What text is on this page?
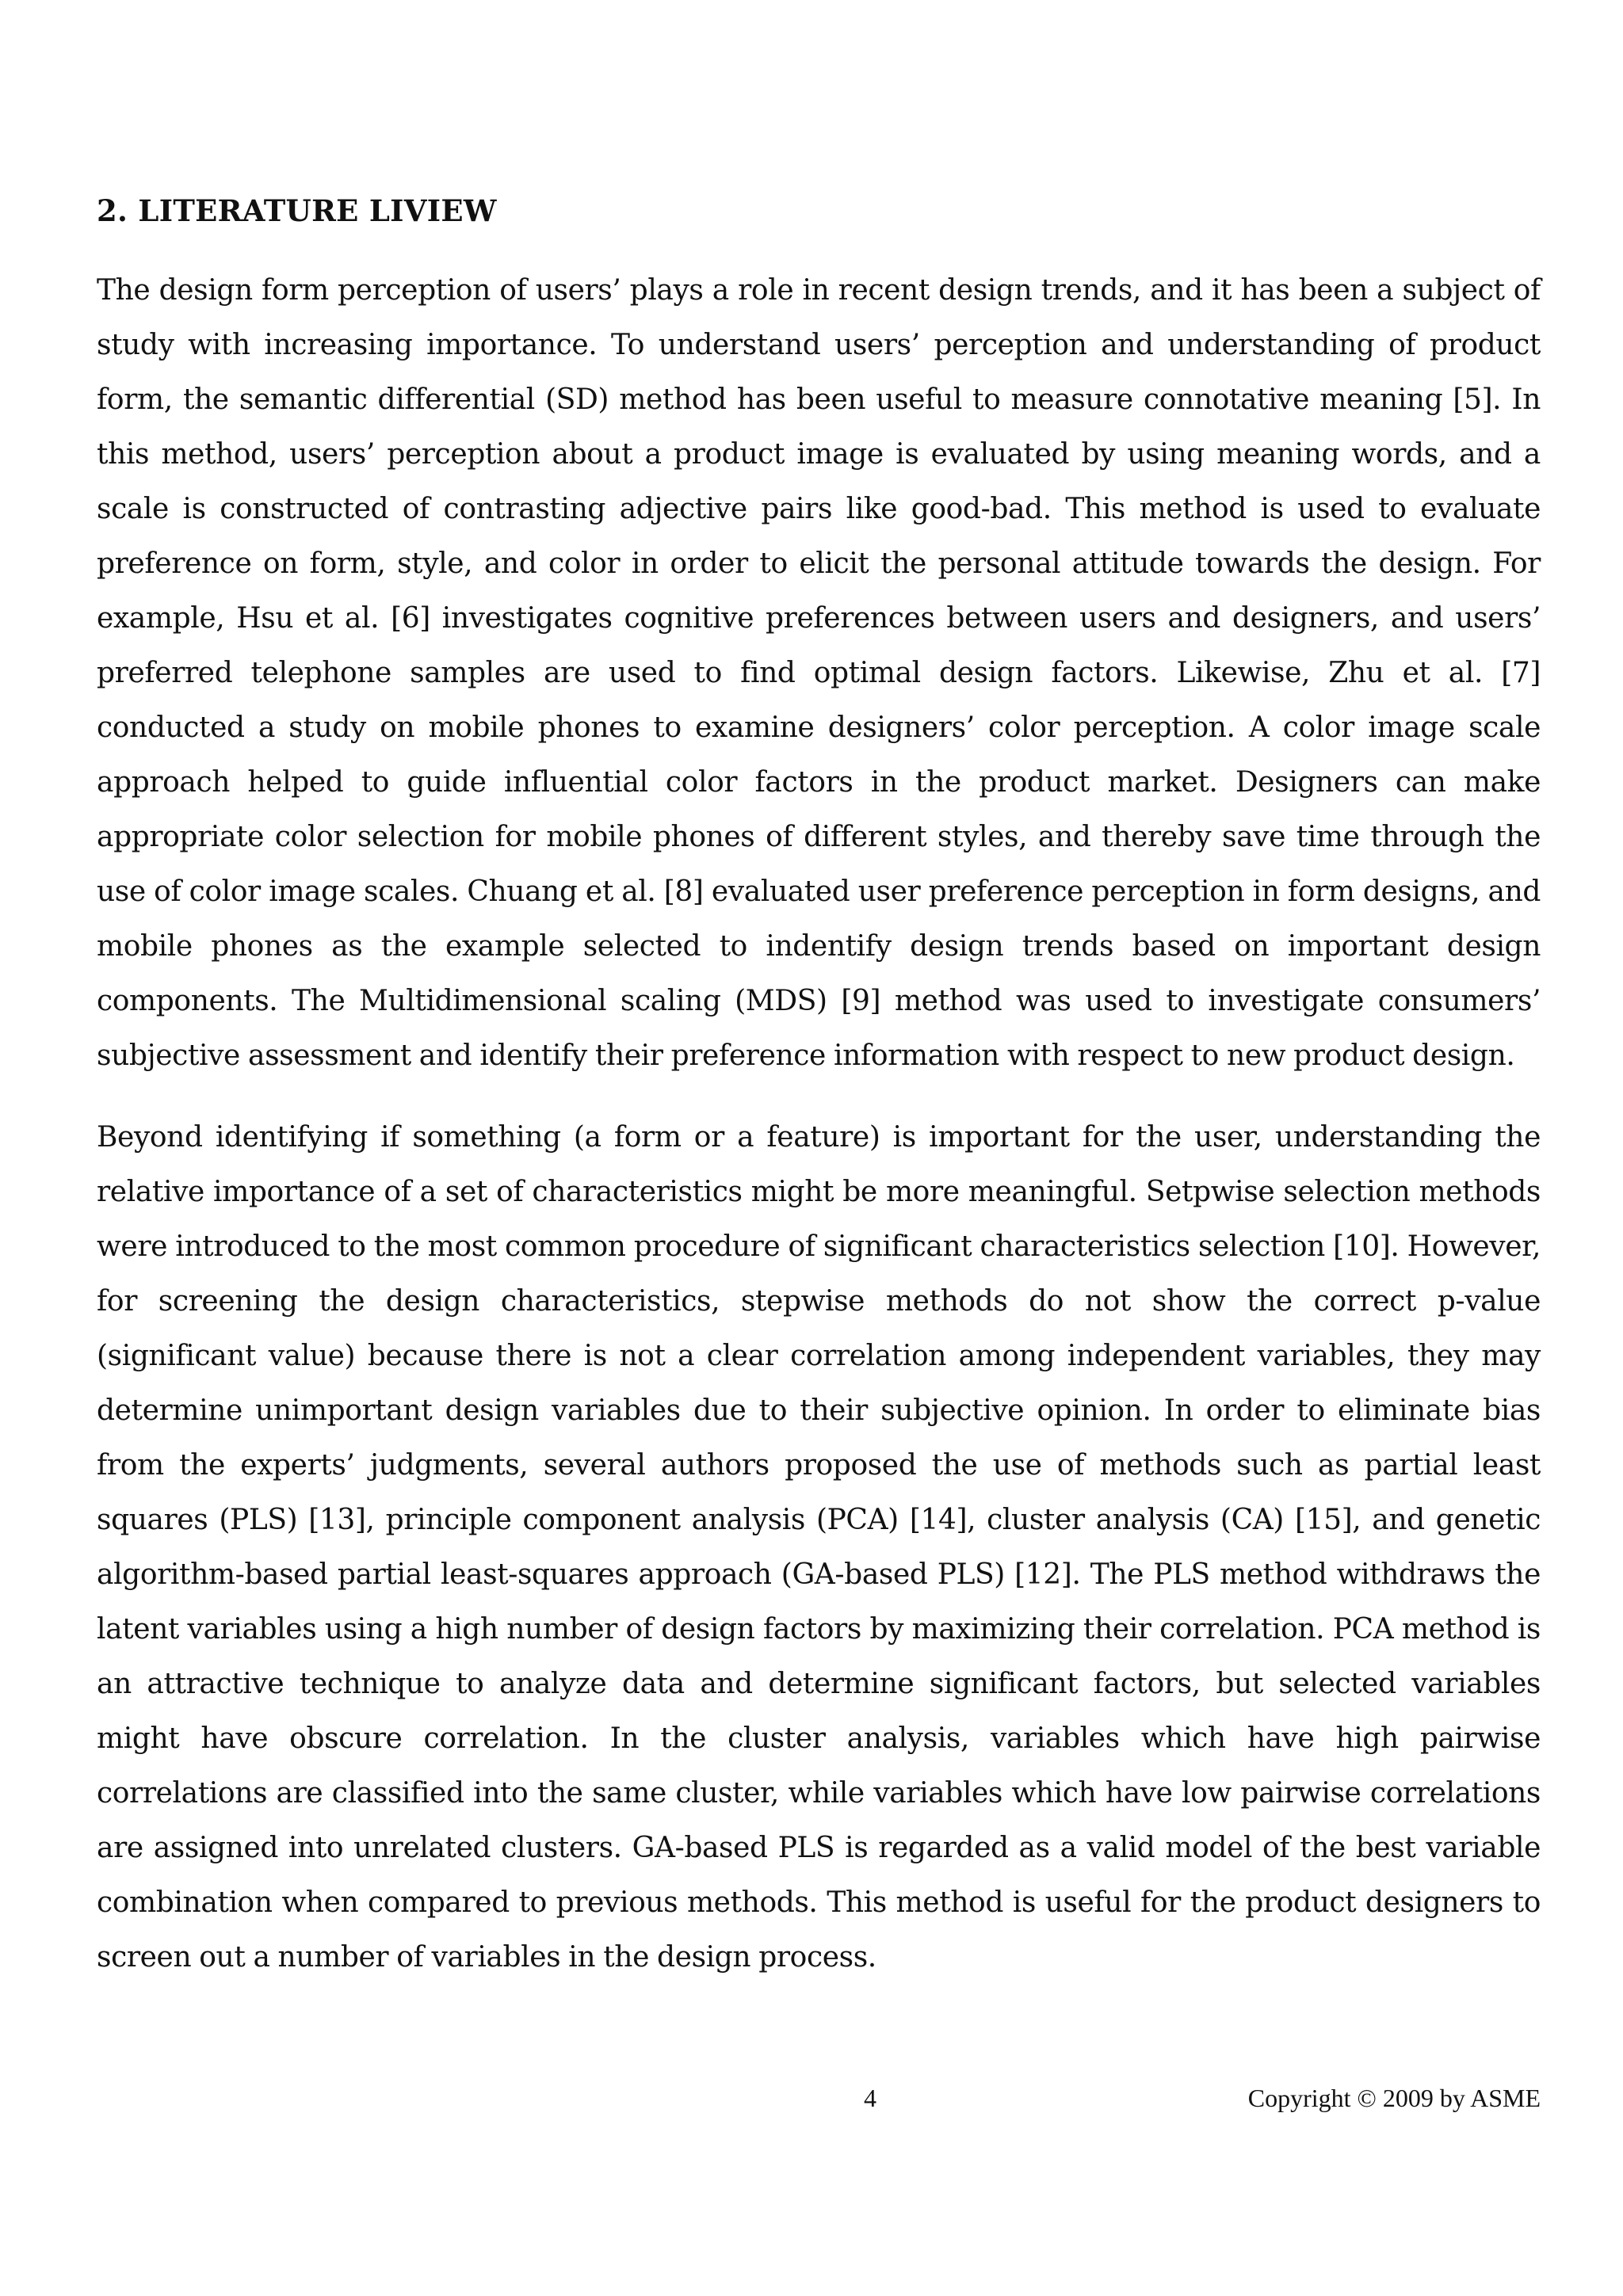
2. LITERATURE LIVIEW

The design form perception of users’ plays a role in recent design trends, and it has been a subject of study with increasing importance. To understand users’ perception and understanding of product form, the semantic differential (SD) method has been useful to measure connotative meaning [5]. In this method, users’ perception about a product image is evaluated by using meaning words, and a scale is constructed of contrasting adjective pairs like good-bad. This method is used to evaluate preference on form, style, and color in order to elicit the personal attitude towards the design. For example, Hsu et al. [6] investigates cognitive preferences between users and designers, and users’ preferred telephone samples are used to find optimal design factors. Likewise, Zhu et al. [7] conducted a study on mobile phones to examine designers’ color perception. A color image scale approach helped to guide influential color factors in the product market. Designers can make appropriate color selection for mobile phones of different styles, and thereby save time through the use of color image scales. Chuang et al. [8] evaluated user preference perception in form designs, and mobile phones as the example selected to indentify design trends based on important design components. The Multidimensional scaling (MDS) [9] method was used to investigate consumers’ subjective assessment and identify their preference information with respect to new product design.

Beyond identifying if something (a form or a feature) is important for the user, understanding the relative importance of a set of characteristics might be more meaningful. Setpwise selection methods were introduced to the most common procedure of significant characteristics selection [10]. However, for screening the design characteristics, stepwise methods do not show the correct p-value (significant value) because there is not a clear correlation among independent variables, they may determine unimportant design variables due to their subjective opinion. In order to eliminate bias from the experts’ judgments, several authors proposed the use of methods such as partial least squares (PLS) [13], principle component analysis (PCA) [14], cluster analysis (CA) [15], and genetic algorithm-based partial least-squares approach (GA-based PLS) [12]. The PLS method withdraws the latent variables using a high number of design factors by maximizing their correlation. PCA method is an attractive technique to analyze data and determine significant factors, but selected variables might have obscure correlation. In the cluster analysis, variables which have high pairwise correlations are classified into the same cluster, while variables which have low pairwise correlations are assigned into unrelated clusters. GA-based PLS is regarded as a valid model of the best variable combination when compared to previous methods. This method is useful for the product designers to screen out a number of variables in the design process.

4	Copyright © 2009 by ASME
